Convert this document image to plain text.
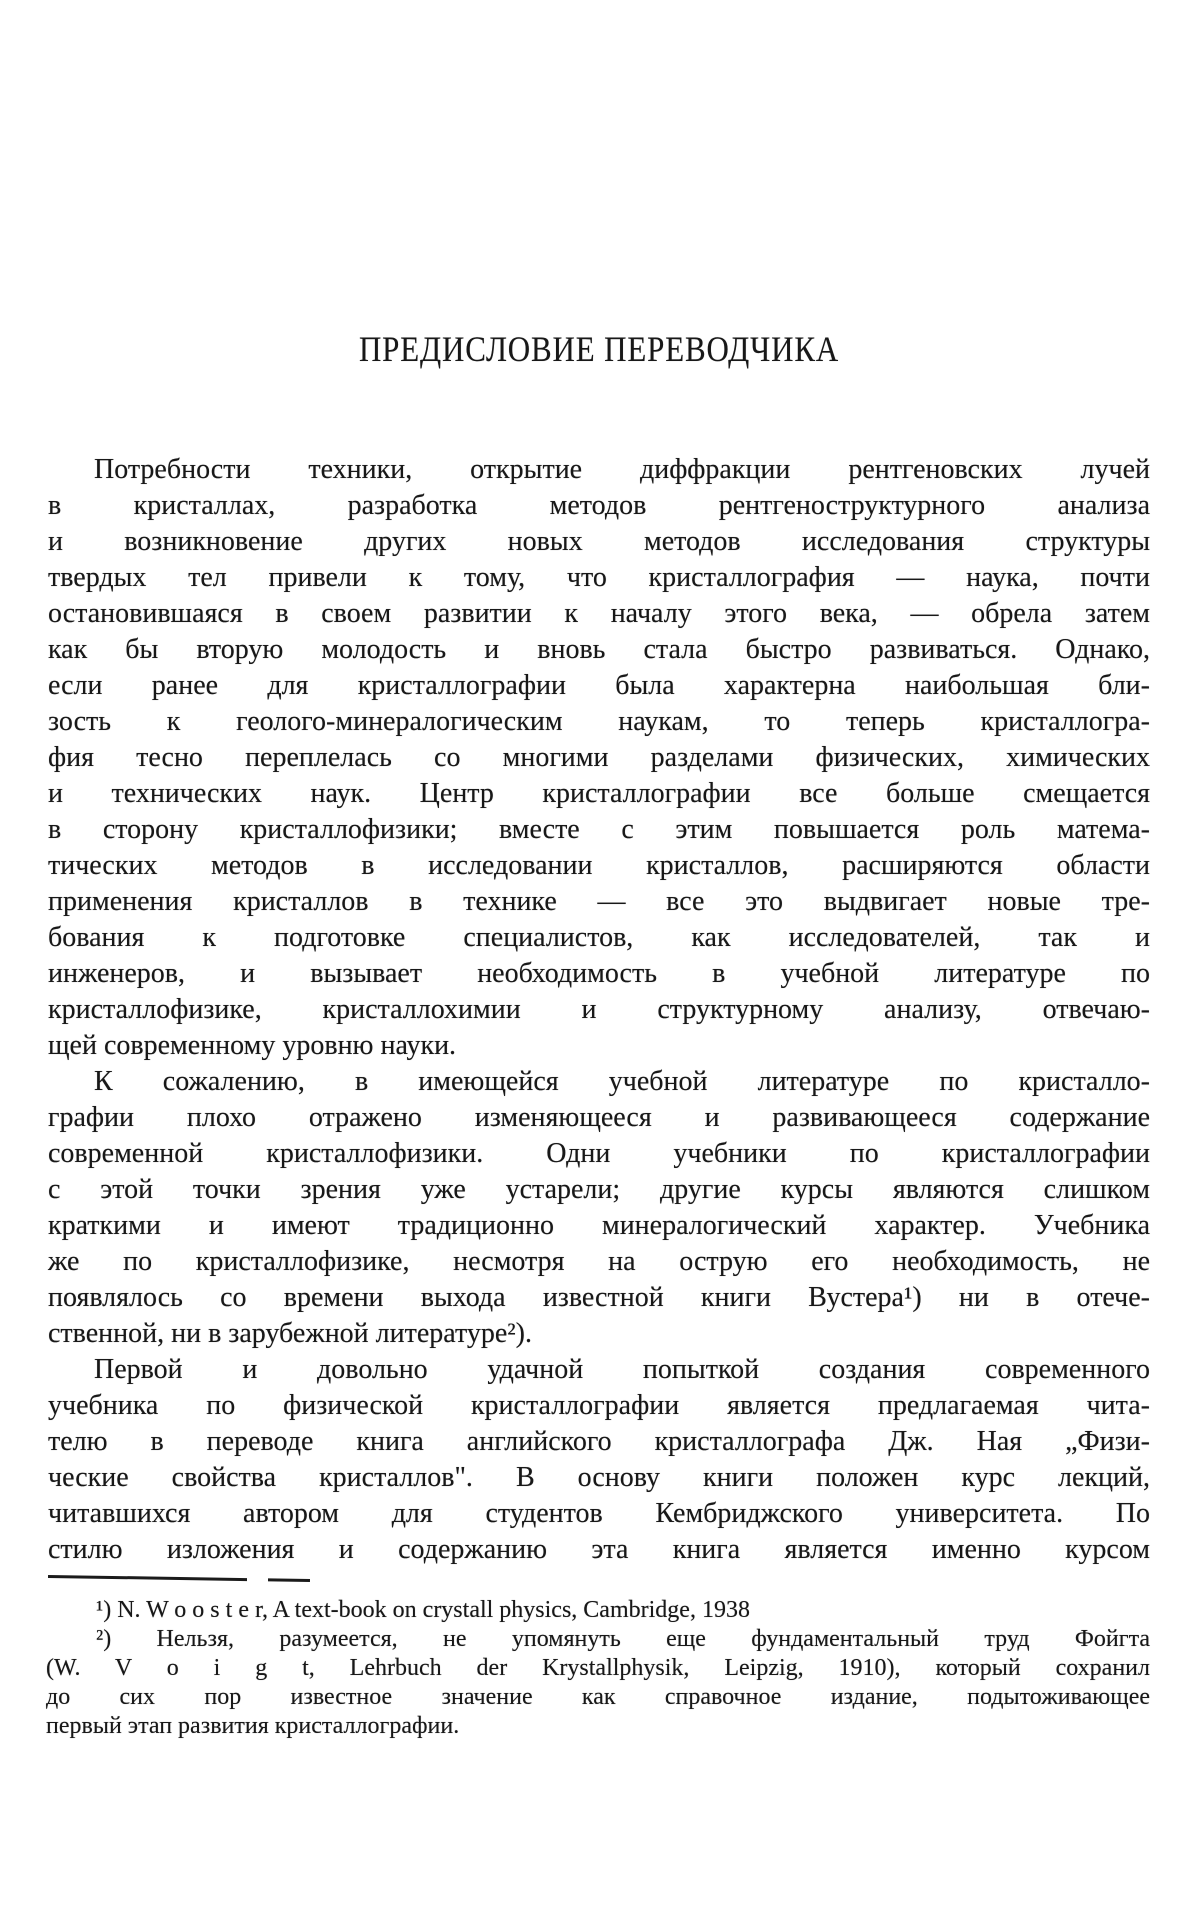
ПРЕДИСЛОВИЕ ПЕРЕВОДЧИКА
Потребности техники, открытие диффракции рентгеновских лучей
в кристаллах, разработка методов рентгеноструктурного анализа
и возникновение других новых методов исследования структуры
твердых тел привели к тому, что кристаллография — наука, почти
остановившаяся в своем развитии к началу этого века, — обрела затем
как бы вторую молодость и вновь стала быстро развиваться. Однако,
если ранее для кристаллографии была характерна наибольшая бли-
зость к геолого-минералогическим наукам, то теперь кристаллогра-
фия тесно переплелась со многими разделами физических, химических
и технических наук. Центр кристаллографии все больше смещается
в сторону кристаллофизики; вместе с этим повышается роль матема-
тических методов в исследовании кристаллов, расширяются области
применения кристаллов в технике — все это выдвигает новые тре-
бования к подготовке специалистов, как исследователей, так и
инженеров, и вызывает необходимость в учебной литературе по
кристаллофизике, кристаллохимии и структурному анализу, отвечаю-
щей современному уровню науки.
К сожалению, в имеющейся учебной литературе по кристалло-
графии плохо отражено изменяющееся и развивающееся содержание
современной кристаллофизики. Одни учебники по кристаллографии
с этой точки зрения уже устарели; другие курсы являются слишком
краткими и имеют традиционно минералогический характер. Учебника
же по кристаллофизике, несмотря на острую его необходимость, не
появлялось со времени выхода известной книги Вустера¹) ни в отече-
ственной, ни в зарубежной литературе²).
Первой и довольно удачной попыткой создания современного
учебника по физической кристаллографии является предлагаемая чита-
телю в переводе книга английского кристаллографа Дж. Ная „Физи-
ческие свойства кристаллов". В основу книги положен курс лекций,
читавшихся автором для студентов Кембриджского университета. По
стилю изложения и содержанию эта книга является именно курсом
¹) N. W o o s t e r, A text-book on crystall physics, Cambridge, 1938
²) Нельзя, разумеется, не упомянуть еще фундаментальный труд Фойгта
(W. V o i g t, Lehrbuch der Krystallphysik, Leipzig, 1910), который сохранил
до сих пор известное значение как справочное издание, подытоживающее
первый этап развития кристаллографии.
